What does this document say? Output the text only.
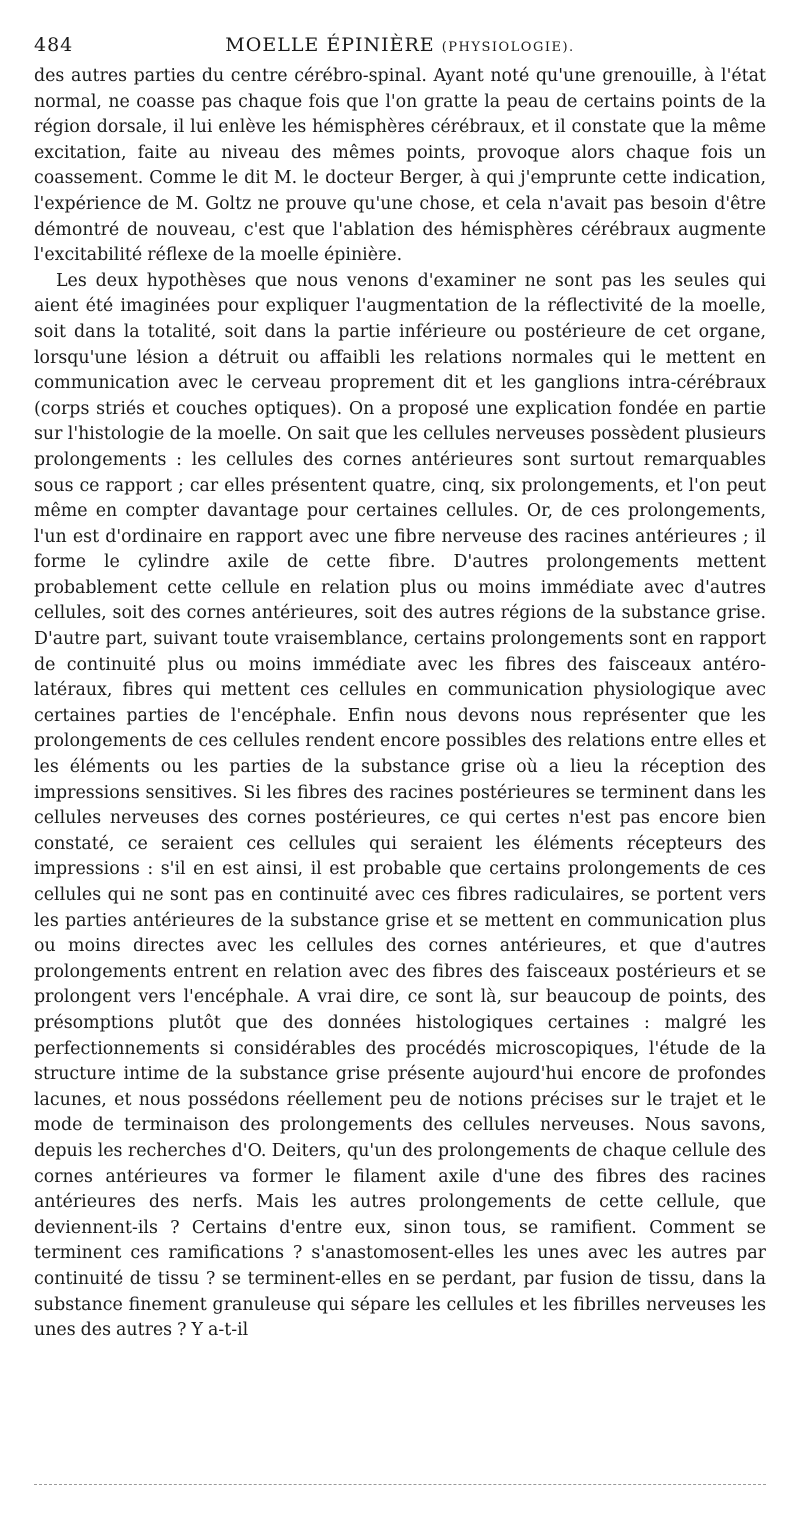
484	MOELLE ÉPINIÈRE (PHYSIOLOGIE).

des autres parties du centre cérébro-spinal. Ayant noté qu'une grenouille, à l'état normal, ne coasse pas chaque fois que l'on gratte la peau de certains points de la région dorsale, il lui enlève les hémisphères cérébraux, et il constate que la même excitation, faite au niveau des mêmes points, provoque alors chaque fois un coassement. Comme le dit M. le docteur Berger, à qui j'emprunte cette indication, l'expérience de M. Goltz ne prouve qu'une chose, et cela n'avait pas besoin d'être démontré de nouveau, c'est que l'ablation des hémisphères cérébraux augmente l'excitabilité réflexe de la moelle épinière.

Les deux hypothèses que nous venons d'examiner ne sont pas les seules qui aient été imaginées pour expliquer l'augmentation de la réflectivité de la moelle, soit dans la totalité, soit dans la partie inférieure ou postérieure de cet organe, lorsqu'une lésion a détruit ou affaibli les relations normales qui le mettent en communication avec le cerveau proprement dit et les ganglions intra-cérébraux (corps striés et couches optiques). On a proposé une explication fondée en partie sur l'histologie de la moelle. On sait que les cellules nerveuses possèdent plusieurs prolongements : les cellules des cornes antérieures sont surtout remarquables sous ce rapport ; car elles présentent quatre, cinq, six prolongements, et l'on peut même en compter davantage pour certaines cellules. Or, de ces prolongements, l'un est d'ordinaire en rapport avec une fibre nerveuse des racines antérieures ; il forme le cylindre axile de cette fibre. D'autres prolongements mettent probablement cette cellule en relation plus ou moins immédiate avec d'autres cellules, soit des cornes antérieures, soit des autres régions de la substance grise. D'autre part, suivant toute vraisemblance, certains prolongements sont en rapport de continuité plus ou moins immédiate avec les fibres des faisceaux antéro-latéraux, fibres qui mettent ces cellules en communication physiologique avec certaines parties de l'encéphale. Enfin nous devons nous représenter que les prolongements de ces cellules rendent encore possibles des relations entre elles et les éléments ou les parties de la substance grise où a lieu la réception des impressions sensitives. Si les fibres des racines postérieures se terminent dans les cellules nerveuses des cornes postérieures, ce qui certes n'est pas encore bien constaté, ce seraient ces cellules qui seraient les éléments récepteurs des impressions : s'il en est ainsi, il est probable que certains prolongements de ces cellules qui ne sont pas en continuité avec ces fibres radiculaires, se portent vers les parties antérieures de la substance grise et se mettent en communication plus ou moins directes avec les cellules des cornes antérieures, et que d'autres prolongements entrent en relation avec des fibres des faisceaux postérieurs et se prolongent vers l'encéphale. A vrai dire, ce sont là, sur beaucoup de points, des présomptions plutôt que des données histologiques certaines : malgré les perfectionnements si considérables des procédés microscopiques, l'étude de la structure intime de la substance grise présente aujourd'hui encore de profondes lacunes, et nous possédons réellement peu de notions précises sur le trajet et le mode de terminaison des prolongements des cellules nerveuses. Nous savons, depuis les recherches d'O. Deiters, qu'un des prolongements de chaque cellule des cornes antérieures va former le filament axile d'une des fibres des racines antérieures des nerfs. Mais les autres prolongements de cette cellule, que deviennent-ils ? Certains d'entre eux, sinon tous, se ramifient. Comment se terminent ces ramifications ? s'anastomosent-elles les unes avec les autres par continuité de tissu ? se terminent-elles en se perdant, par fusion de tissu, dans la substance finement granuleuse qui sépare les cellules et les fibrilles nerveuses les unes des autres ? Y a-t-il
